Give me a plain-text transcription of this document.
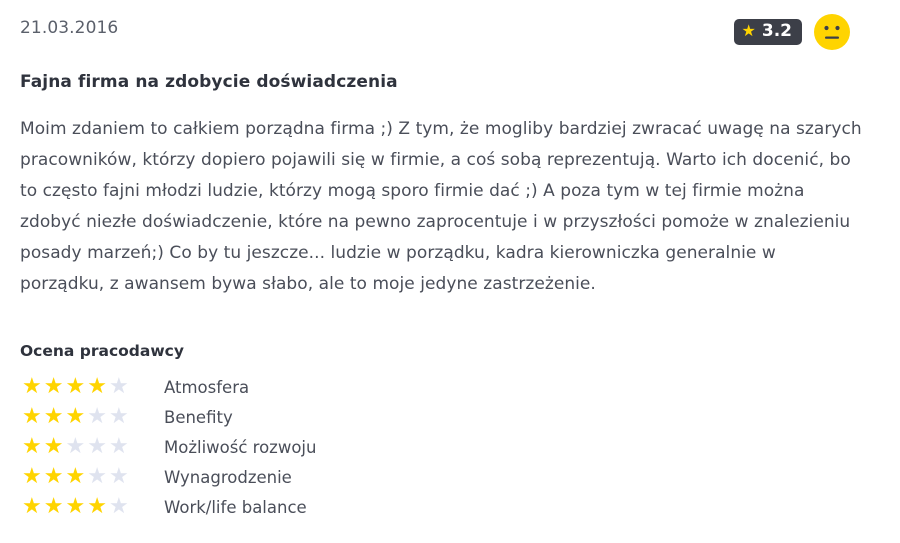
21.03.2016	★ 3.2
Fajna firma na zdobycie doświadczenia
Moim zdaniem to całkiem porządna firma ;) Z tym, że mogliby bardziej zwracać uwagę na szarych pracowników, którzy dopiero pojawili się w firmie, a coś sobą reprezentują. Warto ich docenić, bo to często fajni młodzi ludzie, którzy mogą sporo firmie dać ;) A poza tym w tej firmie można zdobyć niezłe doświadczenie, które na pewno zaprocentuje i w przyszłości pomoże w znalezieniu posady marzeń;) Co by tu jeszcze... ludzie w porządku, kadra kierowniczka generalnie w porządku, z awansem bywa słabo, ale to moje jedyne zastrzeżenie.
Ocena pracodawcy
★ ★ ★ ★ ★ Atmosfera
★ ★ ★ ★ ★ Benefity
★ ★ ★ ★ ★ Możliwość rozwoju
★ ★ ★ ★ ★ Wynagrodzenie
★ ★ ★ ★ ★ Work/life balance
